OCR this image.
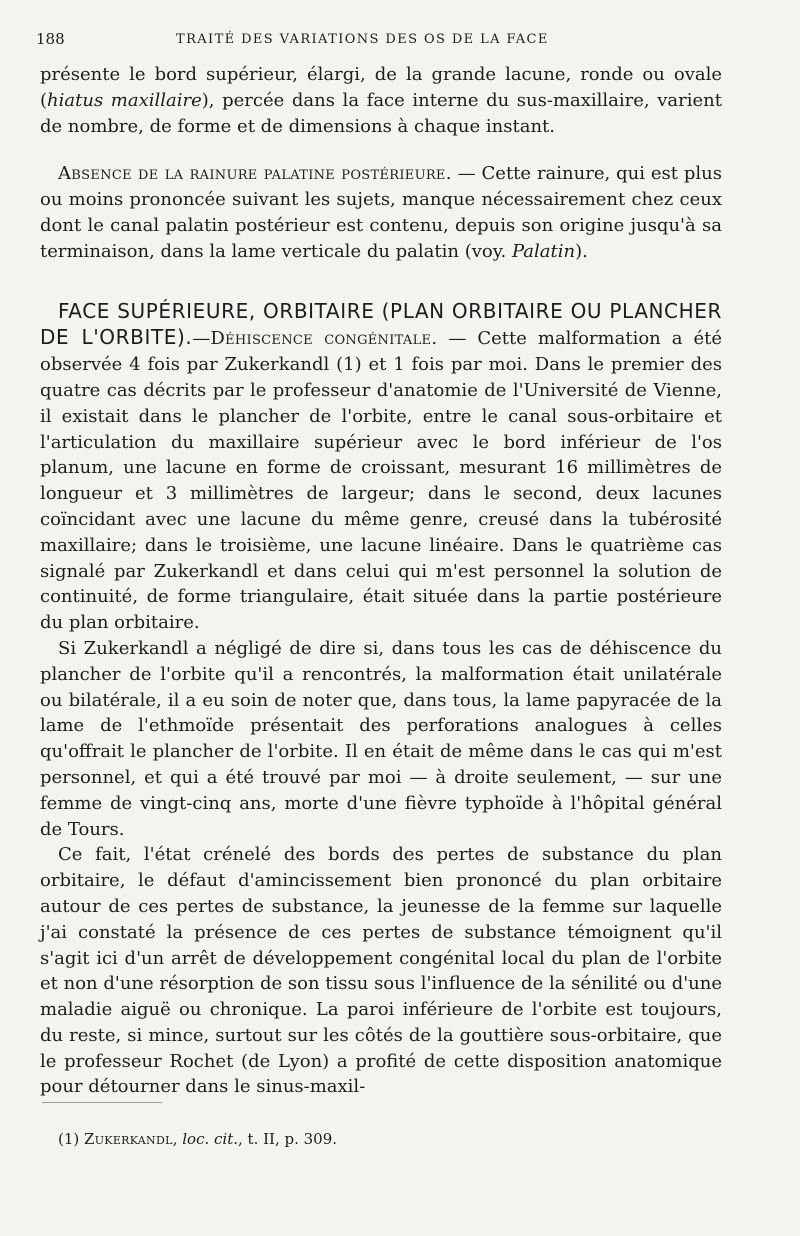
188	TRAITÉ DES VARIATIONS DES OS DE LA FACE

présente le bord supérieur, élargi, de la grande lacune, ronde ou ovale (hiatus maxillaire), percée dans la face interne du sus-maxillaire, varient de nombre, de forme et de dimensions à chaque instant.

Absence de la rainure palatine postérieure. — Cette rainure, qui est plus ou moins prononcée suivant les sujets, manque nécessairement chez ceux dont le canal palatin postérieur est contenu, depuis son origine jusqu'à sa terminaison, dans la lame verticale du palatin (voy. Palatin).

FACE SUPÉRIEURE, ORBITAIRE (PLAN ORBITAIRE OU PLANCHER DE L'ORBITE).—Déhiscence congénitale. — Cette malformation a été observée 4 fois par Zukerkandl (1) et 1 fois par moi. Dans le premier des quatre cas décrits par le professeur d'anatomie de l'Université de Vienne, il existait dans le plancher de l'orbite, entre le canal sous-orbitaire et l'articulation du maxillaire supérieur avec le bord inférieur de l'os planum, une lacune en forme de croissant, mesurant 16 millimètres de longueur et 3 millimètres de largeur; dans le second, deux lacunes coïncidant avec une lacune du même genre, creusé dans la tubérosité maxillaire; dans le troisième, une lacune linéaire. Dans le quatrième cas signalé par Zukerkandl et dans celui qui m'est personnel la solution de continuité, de forme triangulaire, était située dans la partie postérieure du plan orbitaire.

Si Zukerkandl a négligé de dire si, dans tous les cas de déhiscence du plancher de l'orbite qu'il a rencontrés, la malformation était unilatérale ou bilatérale, il a eu soin de noter que, dans tous, la lame papyracée de la lame de l'ethmoïde présentait des perforations analogues à celles qu'offrait le plancher de l'orbite. Il en était de même dans le cas qui m'est personnel, et qui a été trouvé par moi — à droite seulement, — sur une femme de vingt-cinq ans, morte d'une fièvre typhoïde à l'hôpital général de Tours.

Ce fait, l'état crénelé des bords des pertes de substance du plan orbitaire, le défaut d'amincissement bien prononcé du plan orbitaire autour de ces pertes de substance, la jeunesse de la femme sur laquelle j'ai constaté la présence de ces pertes de substance témoignent qu'il s'agit ici d'un arrêt de développement congénital local du plan de l'orbite et non d'une résorption de son tissu sous l'influence de la sénilité ou d'une maladie aiguë ou chronique. La paroi inférieure de l'orbite est toujours, du reste, si mince, surtout sur les côtés de la gouttière sous-orbitaire, que le professeur Rochet (de Lyon) a profité de cette disposition anatomique pour détourner dans le sinus-maxil-

(1) Zukerkandl, loc. cit., t. II, p. 309.
